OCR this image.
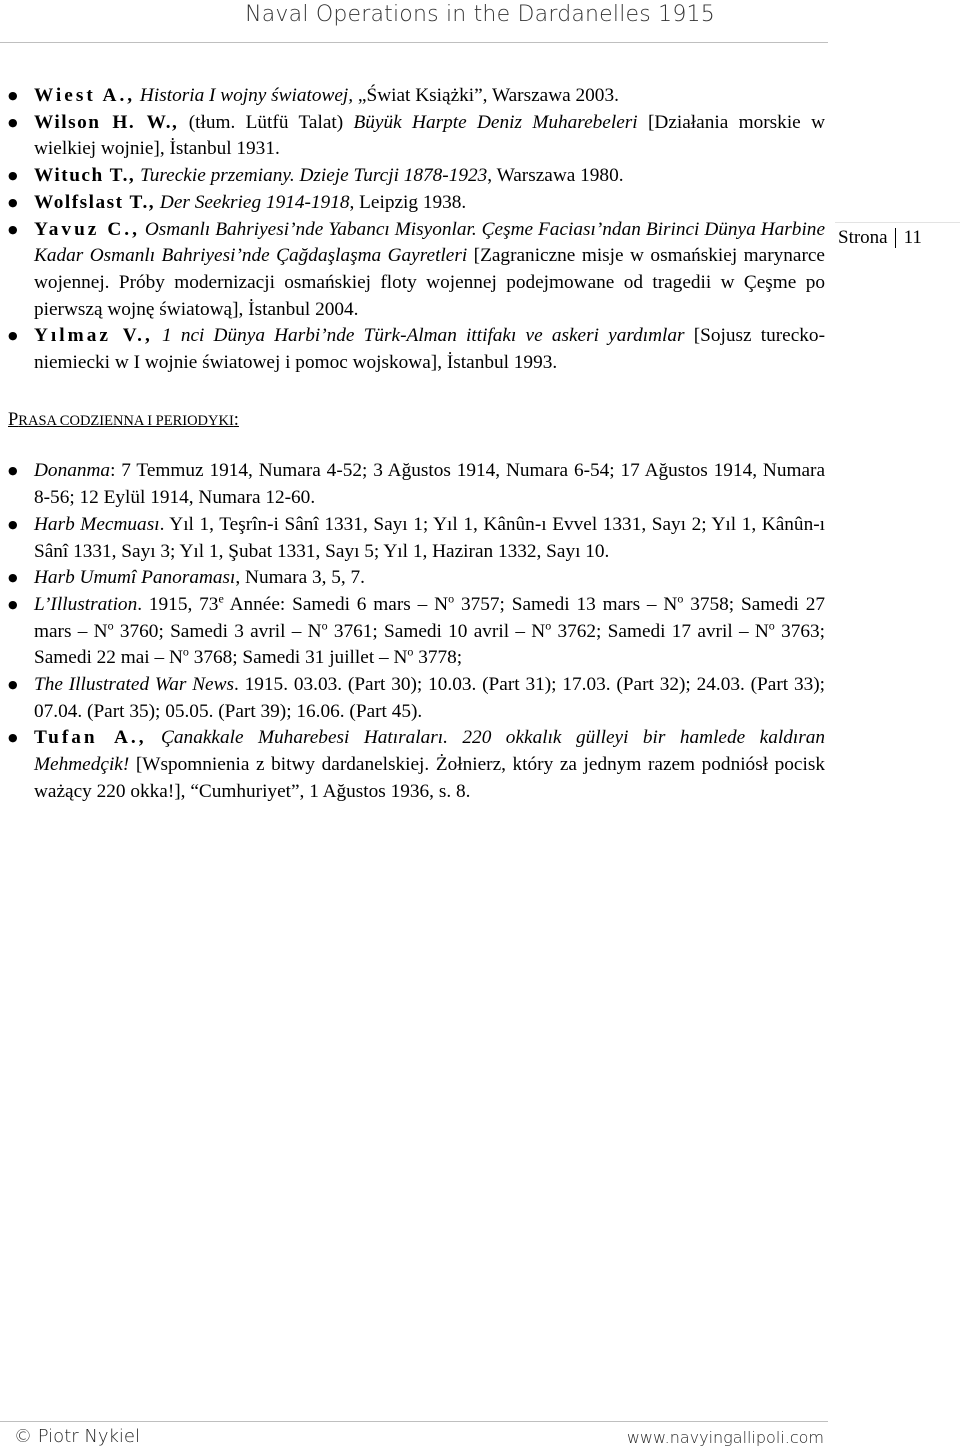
Naval Operations in the Dardanelles 1915
Strona 11
● Wiest A., Historia I wojny światowej, „Świat Książki”, Warszawa 2003.
● Wilson H. W., (tłum. Lütfü Talat) Büyük Harpte Deniz Muharebeleri [Działania morskie w wielkiej wojnie], İstanbul 1931.
● Wituch T., Tureckie przemiany. Dzieje Turcji 1878-1923, Warszawa 1980.
● Wolfslast T., Der Seekrieg 1914-1918, Leipzig 1938.
● Yavuz C., Osmanlı Bahriyesi’nde Yabancı Misyonlar. Çeşme Faciası’ndan Birinci Dünya Harbine Kadar Osmanlı Bahriyesi’nde Çağdaşlaşma Gayretleri [Zagraniczne misje w osmańskiej marynarce wojennej. Próby modernizacji osmańskiej floty wojennej podejmowane od tragedii w Çeşme po pierwszą wojnę światową], İstanbul 2004.
● Yılmaz V., 1 nci Dünya Harbi’nde Türk-Alman ittifakı ve askeri yardımlar [Sojusz turecko-niemiecki w I wojnie światowej i pomoc wojskowa], İstanbul 1993.
PRASA CODZIENNA I PERIODYKI:
● Donanma: 7 Temmuz 1914, Numara 4-52; 3 Ağustos 1914, Numara 6-54; 17 Ağustos 1914, Numara 8-56; 12 Eylül 1914, Numara 12-60.
● Harb Mecmuası. Yıl 1, Teşrîn-i Sânî 1331, Sayı 1; Yıl 1, Kânûn-ı Evvel 1331, Sayı 2; Yıl 1, Kânûn-ı Sânî 1331, Sayı 3; Yıl 1, Şubat 1331, Sayı 5; Yıl 1, Haziran 1332, Sayı 10.
● Harb Umumî Panoraması, Numara 3, 5, 7.
● L’Illustration. 1915, 73e Année: Samedi 6 mars – $N^o$ 3757; Samedi 13 mars – $N^o$ 3758; Samedi 27 mars – $N^o$ 3760; Samedi 3 avril – $N^o$ 3761; Samedi 10 avril – $N^o$ 3762; Samedi 17 avril – $N^o$ 3763; Samedi 22 mai – $N^o$ 3768; Samedi 31 juillet – $N^o$ 3778;
● The Illustrated War News. 1915. 03.03. (Part 30); 10.03. (Part 31); 17.03. (Part 32); 24.03. (Part 33); 07.04. (Part 35); 05.05. (Part 39); 16.06. (Part 45).
● Tufan A., Çanakkale Muharebesi Hatıraları. 220 okkalık gülleyi bir hamlede kaldıran Mehmedçik! [Wspomnienia z bitwy dardanelskiej. Żołnierz, który za jednym razem podniósł pocisk ważący 220 okka!], “Cumhuriyet”, 1 Ağustos 1936, s. 8.
© Piotr Nykiel	www.navyingallipoli.com
